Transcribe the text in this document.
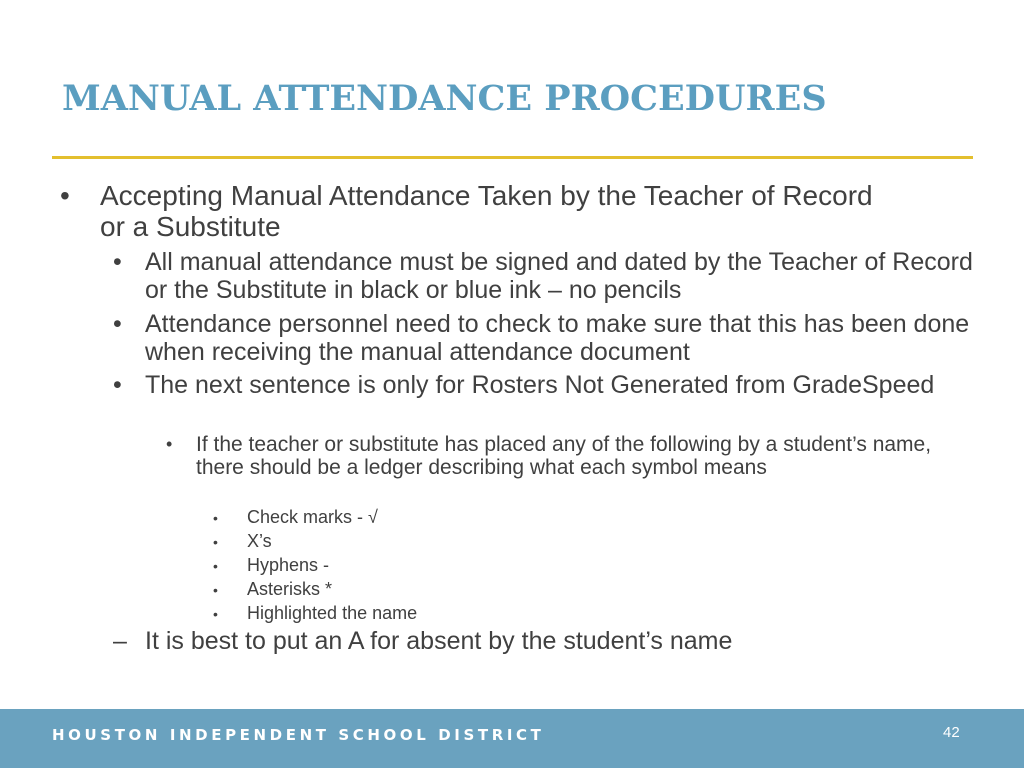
MANUAL ATTENDANCE PROCEDURES
• Accepting Manual Attendance Taken by the Teacher of Record or a Substitute
• All manual attendance must be signed and dated by the Teacher of Record or the Substitute in black or blue ink – no pencils
• Attendance personnel need to check to make sure that this has been done when receiving the manual attendance document
• The next sentence is only for Rosters Not Generated from GradeSpeed
• If the teacher or substitute has placed any of the following by a student’s name, there should be a ledger describing what each symbol means
• Check marks - √
• X’s
• Hyphens -
• Asterisks *
• Highlighted the name
– It is best to put an A for absent by the student’s name
HOUSTON INDEPENDENT SCHOOL DISTRICT	42
